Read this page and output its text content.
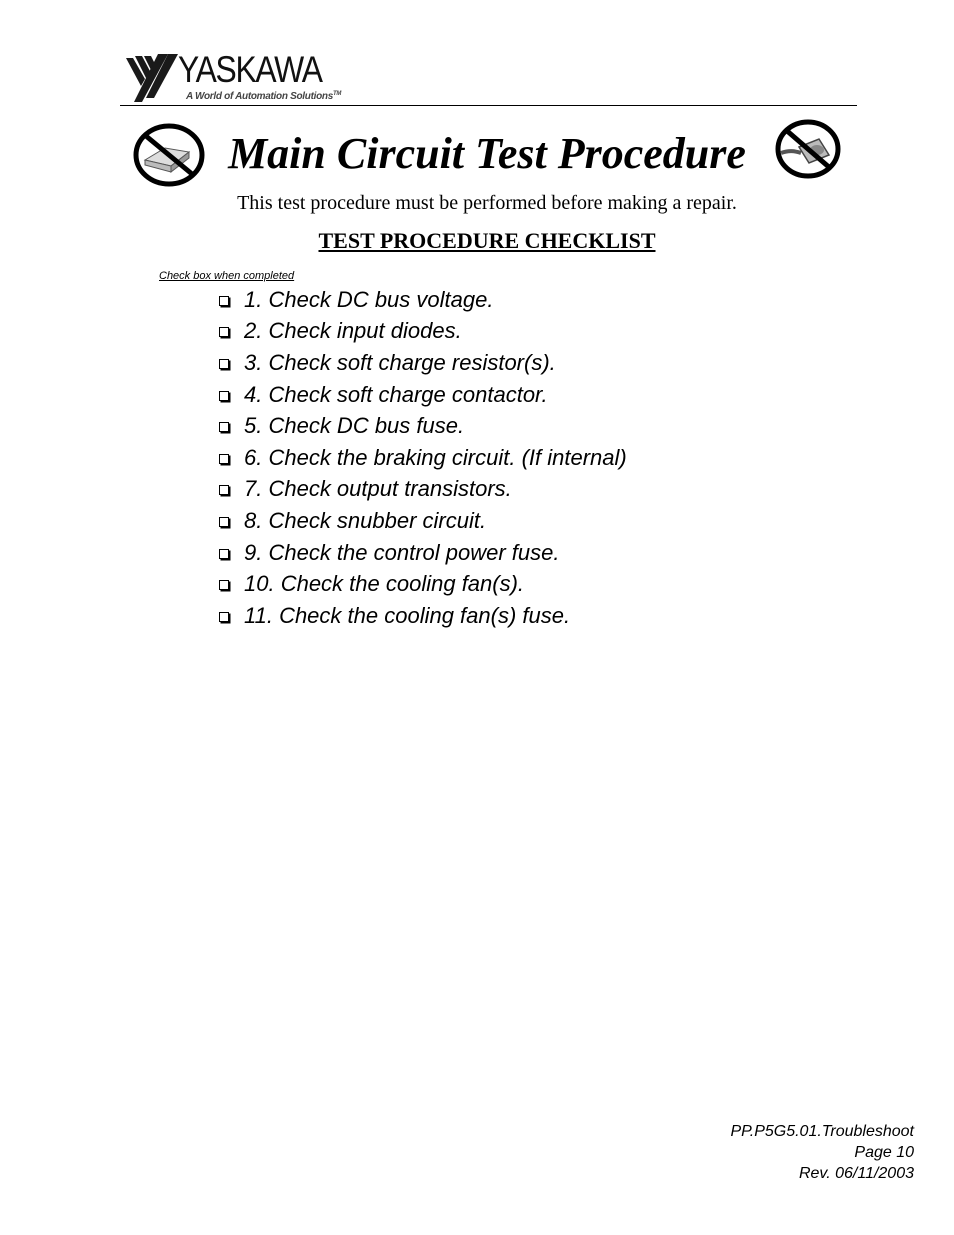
YASKAWA
A World of Automation Solutions™
Main Circuit Test Procedure
This test procedure must be performed before making a repair.
TEST PROCEDURE CHECKLIST
Check box when completed
1. Check DC bus voltage.
2. Check input diodes.
3. Check soft charge resistor(s).
4. Check soft charge contactor.
5. Check DC bus fuse.
6. Check the braking circuit. (If internal)
7. Check output transistors.
8. Check snubber circuit.
9. Check the control power fuse.
10. Check the cooling fan(s).
11. Check the cooling fan(s) fuse.
PP.P5G5.01.Troubleshoot
Page 10
Rev. 06/11/2003
